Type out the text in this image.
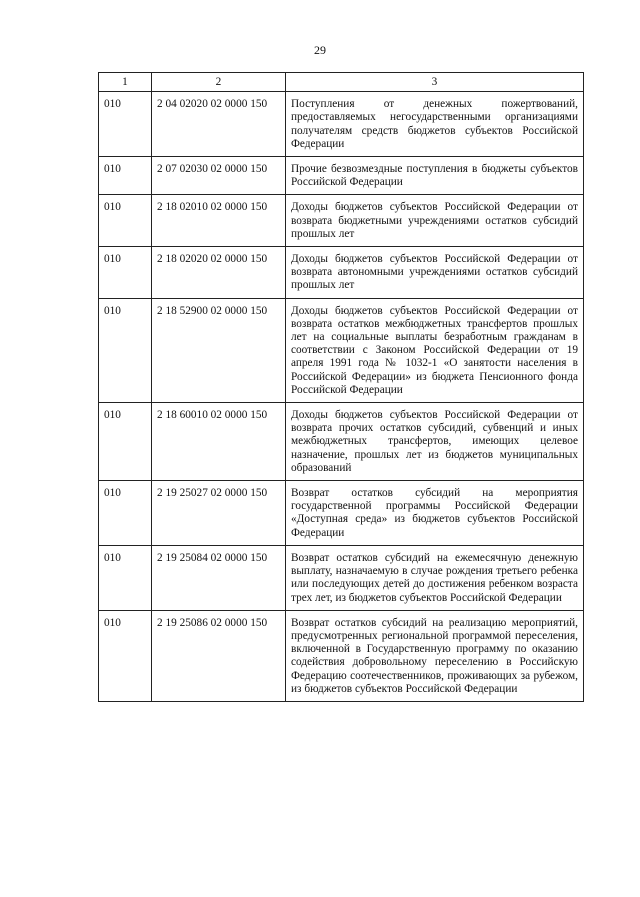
29
1	2	3
010	2 04 02020 02 0000 150	Поступления от денежных пожертвований, предоставляемых негосударственными организациями получателям средств бюджетов субъектов Российской Федерации
010	2 07 02030 02 0000 150	Прочие безвозмездные поступления в бюджеты субъектов Российской Федерации
010	2 18 02010 02 0000 150	Доходы бюджетов субъектов Российской Федерации от возврата бюджетными учреждениями остатков субсидий прошлых лет
010	2 18 02020 02 0000 150	Доходы бюджетов субъектов Российской Федерации от возврата автономными учреждениями остатков субсидий прошлых лет
010	2 18 52900 02 0000 150	Доходы бюджетов субъектов Российской Федерации от возврата остатков межбюджетных трансфертов прошлых лет на социальные выплаты безработным гражданам в соответствии с Законом Российской Федерации от 19 апреля 1991 года № 1032-1 «О занятости населения в Российской Федерации» из бюджета Пенсионного фонда Российской Федерации
010	2 18 60010 02 0000 150	Доходы бюджетов субъектов Российской Федерации от возврата прочих остатков субсидий, субвенций и иных межбюджетных трансфертов, имеющих целевое назначение, прошлых лет из бюджетов муниципальных образований
010	2 19 25027 02 0000 150	Возврат остатков субсидий на мероприятия государственной программы Российской Федерации «Доступная среда» из бюджетов субъектов Российской Федерации
010	2 19 25084 02 0000 150	Возврат остатков субсидий на ежемесячную денежную выплату, назначаемую в случае рождения третьего ребенка или последующих детей до достижения ребенком возраста трех лет, из бюджетов субъектов Российской Федерации
010	2 19 25086 02 0000 150	Возврат остатков субсидий на реализацию мероприятий, предусмотренных региональной программой переселения, включенной в Государственную программу по оказанию содействия добровольному переселению в Российскую Федерацию соотечественников, проживающих за рубежом, из бюджетов субъектов Российской Федерации
